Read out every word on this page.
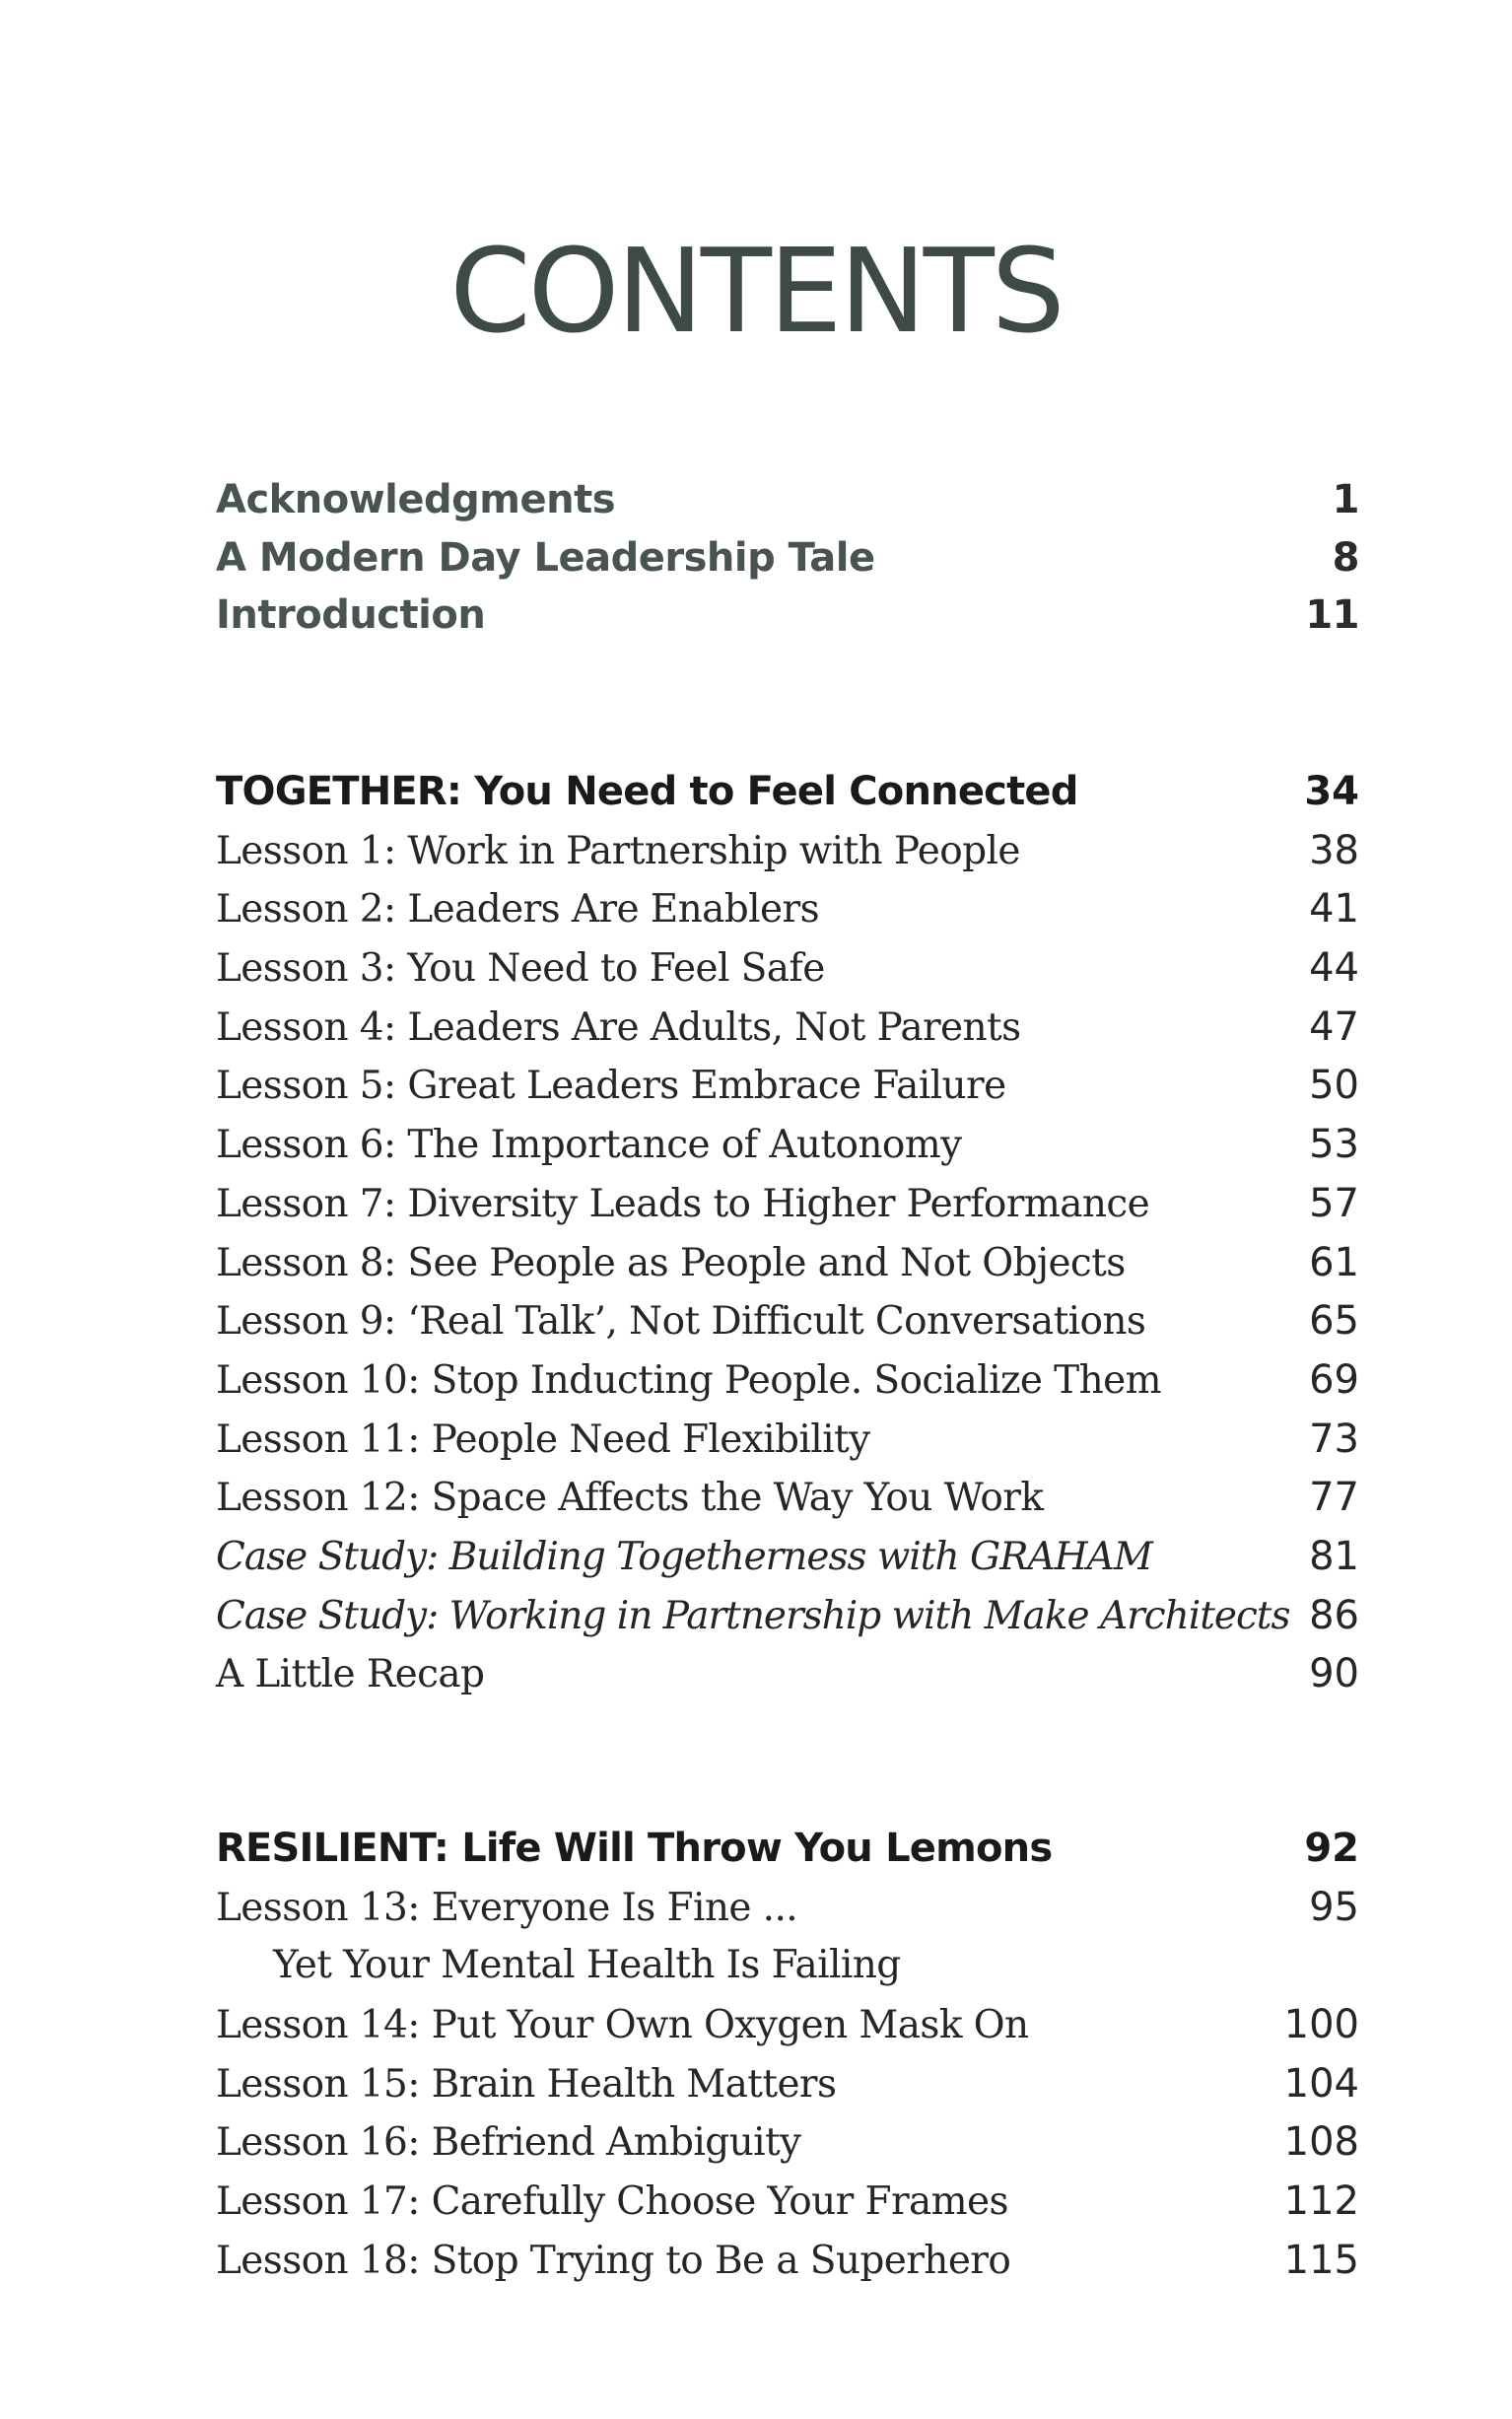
CONTENTS
Acknowledgments	1
A Modern Day Leadership Tale	8
Introduction	11
TOGETHER: You Need to Feel Connected	34
Lesson 1: Work in Partnership with People	38
Lesson 2: Leaders Are Enablers	41
Lesson 3: You Need to Feel Safe	44
Lesson 4: Leaders Are Adults, Not Parents	47
Lesson 5: Great Leaders Embrace Failure	50
Lesson 6: The Importance of Autonomy	53
Lesson 7: Diversity Leads to Higher Performance	57
Lesson 8: See People as People and Not Objects	61
Lesson 9: ‘Real Talk’, Not Difficult Conversations	65
Lesson 10: Stop Inducting People. Socialize Them	69
Lesson 11: People Need Flexibility	73
Lesson 12: Space Affects the Way You Work	77
Case Study: Building Togetherness with GRAHAM	81
Case Study: Working in Partnership with Make Architects 86
A Little Recap	90
RESILIENT: Life Will Throw You Lemons	92
Lesson 13: Everyone Is Fine ...	95
Yet Your Mental Health Is Failing
Lesson 14: Put Your Own Oxygen Mask On	100
Lesson 15: Brain Health Matters	104
Lesson 16: Befriend Ambiguity	108
Lesson 17: Carefully Choose Your Frames	112
Lesson 18: Stop Trying to Be a Superhero	115
